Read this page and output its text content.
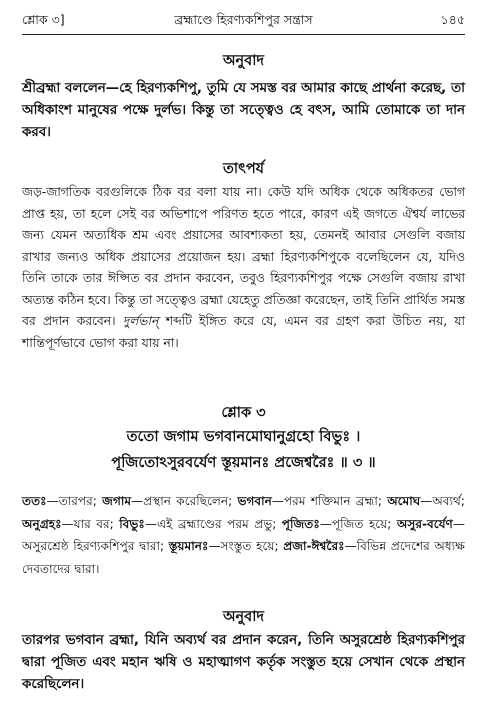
শ্লোক ৩]	ব্রহ্মাণ্ডে হিরণ্যকশিপুর সন্ত্রাস	১৪৫
অনুবাদ
শ্রীব্রহ্মা বললেন—হে হিরণ্যকশিপু, তুমি যে সমস্ত বর আমার কাছে প্রার্থনা করেছ, তা অধিকাংশ মানুষের পক্ষে দুর্লভ। কিন্তু তা সত্ত্বেও হে বৎস, আমি তোমাকে তা দান করব।
তাৎপর্য
জড়-জাগতিক বরগুলিকে ঠিক বর বলা যায় না। কেউ যদি অধিক থেকে অধিকতর ভোগ প্রাপ্ত হয়, তা হলে সেই বর অভিশাপে পরিণত হতে পারে, কারণ এই জগতে ঐশ্বর্য লাভের জন্য যেমন অত্যধিক শ্রম এবং প্রয়াসের আবশ্যকতা হয়, তেমনই আবার সেগুলি বজায় রাখার জন্যও অধিক প্রয়াসের প্রয়োজন হয়। ব্রহ্মা হিরণ্যকশিপুকে বলেছিলেন যে, যদিও তিনি তাকে তার ঈপ্সিত বর প্রদান করবেন, তবুও হিরণ্যকশিপুর পক্ষে সেগুলি বজায় রাখা অত্যন্ত কঠিন হবে। কিন্তু তা সত্ত্বেও ব্রহ্মা যেহেতু প্রতিজ্ঞা করেছেন, তাই তিনি প্রার্থিত সমস্ত বর প্রদান করবেন। দুর্লভান্ শব্দটি ইঙ্গিত করে যে, এমন বর গ্রহণ করা উচিত নয়, যা শান্তিপূর্ণভাবে ভোগ করা যায় না।
শ্লোক ৩
ততো জগাম ভগবানমোঘানুগ্রহো বিভুঃ ।
পূজিতোঽসুরবর্যেণ স্তূয়মানঃ প্রজেশ্বরৈঃ ॥ ৩ ॥
ততঃ—তারপর; জগাম—প্রস্থান করেছিলেন; ভগবান—পরম শক্তিমান ব্রহ্মা; অমোঘ—অব্যর্থ; অনুগ্রহঃ—যার বর; বিভুঃ—এই ব্রহ্মাণ্ডের পরম প্রভু; পূজিতঃ—পূজিত হয়ে; অসুর-বর্যেণ—অসুরশ্রেষ্ঠ হিরণ্যকশিপুর দ্বারা; স্তূয়মানঃ—সংস্তুত হয়ে; প্রজা-ঈশ্বরৈঃ—বিভিন্ন প্রদেশের অধ্যক্ষ দেবতাদের দ্বারা।
অনুবাদ
তারপর ভগবান ব্রহ্মা, যিনি অব্যর্থ বর প্রদান করেন, তিনি অসুরশ্রেষ্ঠ হিরণ্যকশিপুর দ্বারা পূজিত এবং মহান ঋষি ও মহাত্মাগণ কর্তৃক সংস্তুত হয়ে সেখান থেকে প্রস্থান করেছিলেন।
